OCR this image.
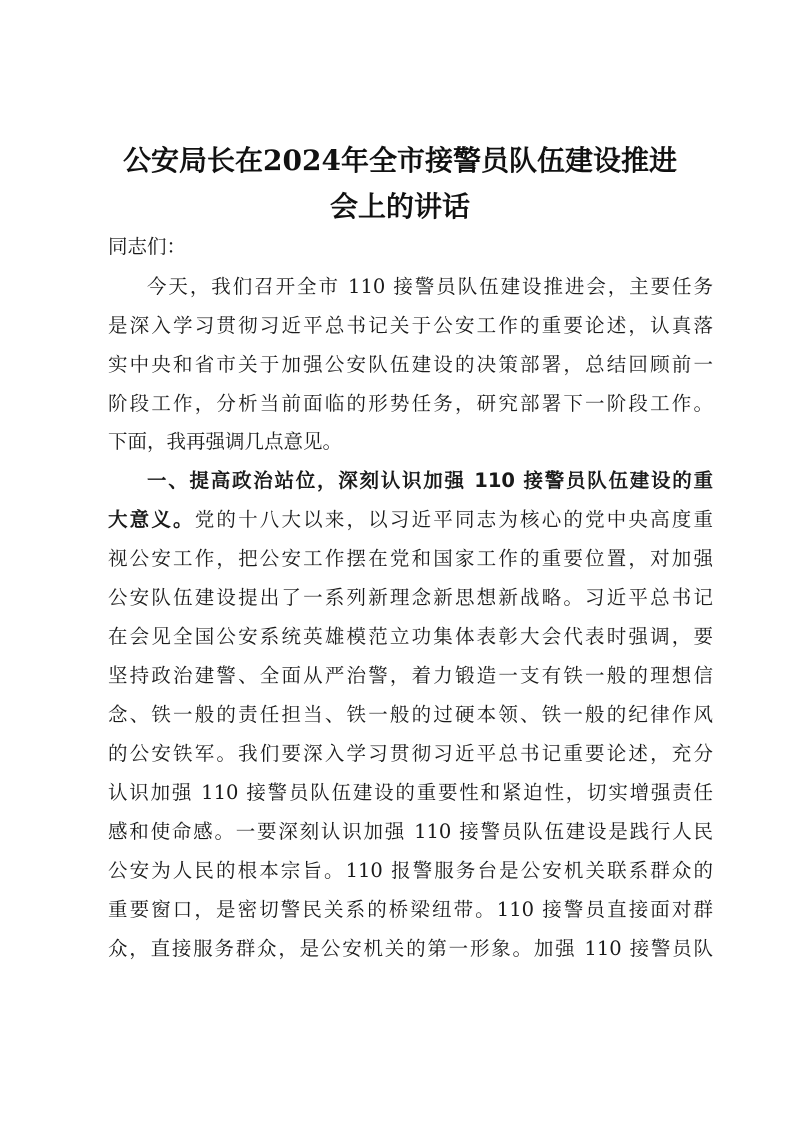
公安局长在2024年全市接警员队伍建设推进
会上的讲话
同志们：
今天，我们召开全市 110 接警员队伍建设推进会，主要任务
是深入学习贯彻习近平总书记关于公安工作的重要论述，认真落
实中央和省市关于加强公安队伍建设的决策部署，总结回顾前一
阶段工作，分析当前面临的形势任务，研究部署下一阶段工作。
下面，我再强调几点意见。
一、提高政治站位，深刻认识加强 110 接警员队伍建设的重
大意义。党的十八大以来，以习近平同志为核心的党中央高度重
视公安工作，把公安工作摆在党和国家工作的重要位置，对加强
公安队伍建设提出了一系列新理念新思想新战略。习近平总书记
在会见全国公安系统英雄模范立功集体表彰大会代表时强调，要
坚持政治建警、全面从严治警，着力锻造一支有铁一般的理想信
念、铁一般的责任担当、铁一般的过硬本领、铁一般的纪律作风
的公安铁军。我们要深入学习贯彻习近平总书记重要论述，充分
认识加强 110 接警员队伍建设的重要性和紧迫性，切实增强责任
感和使命感。一要深刻认识加强 110 接警员队伍建设是践行人民
公安为人民的根本宗旨。110 报警服务台是公安机关联系群众的
重要窗口，是密切警民关系的桥梁纽带。110 接警员直接面对群
众，直接服务群众，是公安机关的第一形象。加强 110 接警员队
